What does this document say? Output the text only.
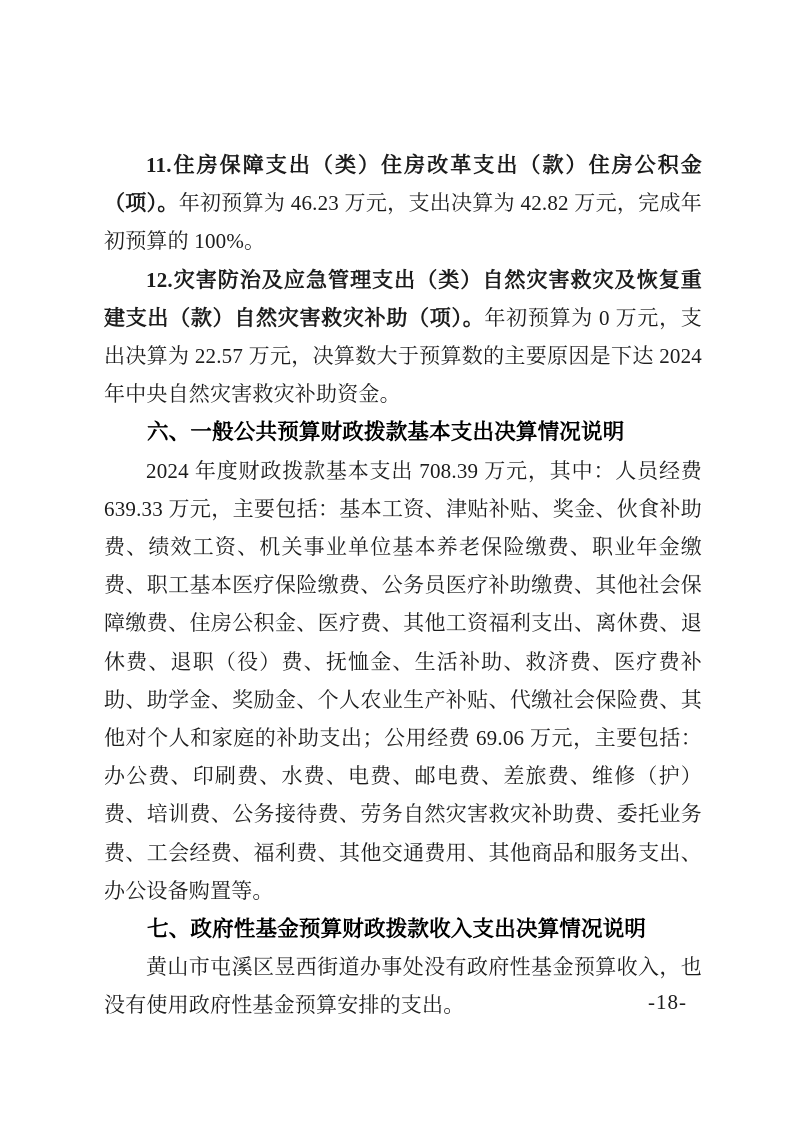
11.住房保障支出（类）住房改革支出（款）住房公积金（项）。年初预算为 46.23 万元，支出决算为 42.82 万元，完成年初预算的 100%。

12.灾害防治及应急管理支出（类）自然灾害救灾及恢复重建支出（款）自然灾害救灾补助（项）。年初预算为 0 万元，支出决算为 22.57 万元，决算数大于预算数的主要原因是下达 2024 年中央自然灾害救灾补助资金。

六、一般公共预算财政拨款基本支出决算情况说明

2024 年度财政拨款基本支出 708.39 万元，其中：人员经费 639.33 万元，主要包括：基本工资、津贴补贴、奖金、伙食补助费、绩效工资、机关事业单位基本养老保险缴费、职业年金缴费、职工基本医疗保险缴费、公务员医疗补助缴费、其他社会保障缴费、住房公积金、医疗费、其他工资福利支出、离休费、退休费、退职（役）费、抚恤金、生活补助、救济费、医疗费补助、助学金、奖励金、个人农业生产补贴、代缴社会保险费、其他对个人和家庭的补助支出；公用经费 69.06 万元，主要包括：办公费、印刷费、水费、电费、邮电费、差旅费、维修（护）费、培训费、公务接待费、劳务自然灾害救灾补助费、委托业务费、工会经费、福利费、其他交通费用、其他商品和服务支出、办公设备购置等。

七、政府性基金预算财政拨款收入支出决算情况说明

黄山市屯溪区昱西街道办事处没有政府性基金预算收入，也没有使用政府性基金预算安排的支出。	-18-
